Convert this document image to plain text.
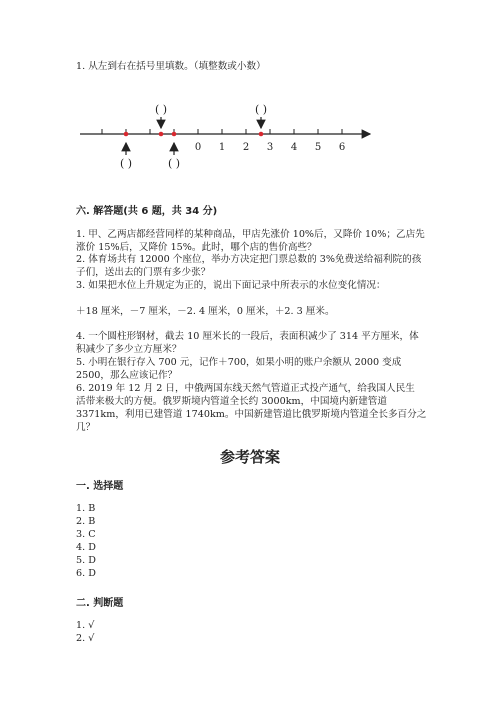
1. 从左到右在括号里填数。（填整数或小数）
0 1 2 3 4 5 6
( )	( )
( )	( )
六. 解答题(共 6 题，共 34 分)
1. 甲、乙两店都经营同样的某种商品，甲店先涨价 10%后，又降价 10%；乙店先
涨价 15%后，又降价 15%。此时，哪个店的售价高些？
2. 体育场共有 12000 个座位，举办方决定把门票总数的 3%免费送给福利院的孩
子们，送出去的门票有多少张？
3. 如果把水位上升规定为正的，说出下面记录中所表示的水位变化情况：
＋18 厘米，－7 厘米，－2. 4 厘米，0 厘米，＋2. 3 厘米。
4. 一个圆柱形钢材，截去 10 厘米长的一段后，表面积减少了 314 平方厘米，体
积减少了多少立方厘米？
5. 小明在银行存入 700 元，记作＋700，如果小明的账户余额从 2000 变成
2500，那么应该记作？
6. 2019 年 12 月 2 日，中俄两国东线天然气管道正式投产通气，给我国人民生
活带来极大的方便。俄罗斯境内管道全长约 3000km，中国境内新建管道
3371km，利用已建管道 1740km。中国新建管道比俄罗斯境内管道全长多百分之
几？
参考答案
一. 选择题
1. B
2. B
3. C
4. D
5. D
6. D
二. 判断题
1. √
2. √
